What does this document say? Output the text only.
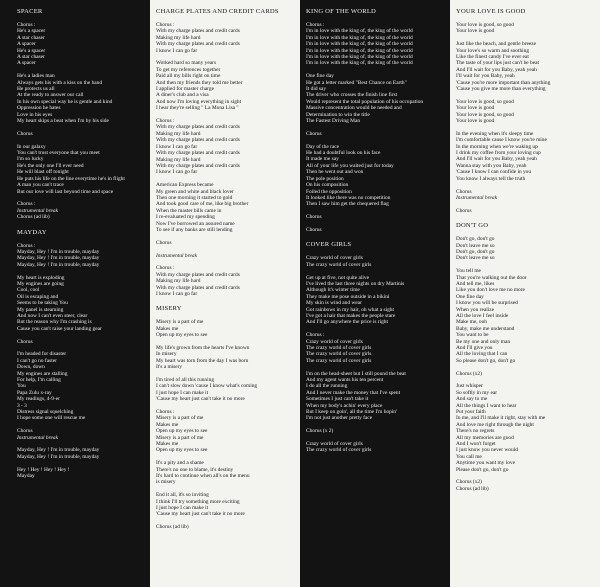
SPACER
Chorus :
He's a spacer
A star chaser
A spacer
He's a spacer
A star chaser
A spacer
He's a ladies man
Always gets his with a kiss on the hand
He protects us all
At the ready to answer our call
In his own special way he is gentle and kind
Oppression he hates
Love in his eyes
My heart skips a beat when I'm by his side
Chorus
In our galaxy
You can't trust everyone that you meet
I'm so lucky
He's the only one I'll ever need
He will blast off tonight
He puts his life on the line everytime he's in flight
A man you can't trace
But our love will last beyond time and space
Chorus :
Instrumental break
Chorus (ad lib)
MAYDAY
Chorus :
Mayday, Hey ! I'm in trouble, mayday
Mayday, Hey ! I'm in trouble, mayday
Mayday, Hey ! I'm in trouble, mayday
My heart is exploding
My engines are going
Cool, cool
Oil is escaping and
Seems to be taking You
My panel is steaming
And now I can't even steer, clear
But the reason why I'm crashing is
Cause you can't raise your landing gear
Chorus
I'm headed for disaster
I can't go no faster
Down, down
My engines are stalling
For help, I'm calling
You
Papa Zulu x-ray
My readings, 4-9-er
3 - 3
Distress signal squelching
I hope some one will rescue me
Chorus
Instrumental break
Mayday, Hey ! I'm in trouble, mayday
Mayday, Hey ! I'm in trouble, mayday
Hey ! Hey ! Hey ! Hey !
Mayday
CHARGE PLATES AND CREDIT CARDS
Chorus :
With my charge plates and credit cards
Making my life hard
With my charge plates and credit cards
I know I can go far
Worked hard so many years
To get my references together
Paid all my bills right on time
And then my friends they told me better
I applied for master charge
A diner's club and a visa
And now I'm loving everything in sight
I hear they're selling " La Mona Lisa "
Chorus :
With my charge plates and credit cards
Making my life hard
With my charge plates and credit cards
I know I can go far
With my charge plates and credit cards
Making my life hard
With my charge plates and credit cards
I know I can go far
American Express became
My green and white and black lover
Then one morning it started to gold
And took good care of me, like big brother
When the master bills came in
I re-evaluated my spending
Now I've borrowed an assured name
To see if any banks are still lending
Chorus
Instrumental break
Chorus :
With my charge plates and credit cards
Making my life hard
With my charge plates and credit cards
I know I can go far
MISERY
Misery is a part of me
Makes me
Open up my eyes to see
My life's grown from the hearts I've known
In misery
My heart was torn from the day I was born
It's a misery
I'm tired of all this running
I can't slow down 'cause I know what's coming
I just hope I can make it
'Cause my heart just can't take it no more
Chorus :
Misery is a part of me
Makes me
Open up my eyes to see
Misery is a part of me
Makes me
Open up my eyes to see
It's a pity and a shame
There's no one to blame, it's destiny
It's hard to continue when all's on the menu
is misery
End it all, it's so inviting
I think I'll try something more exciting
I just hope I can make it
'Cause my heart just can't take it no more
Chorus (ad lib)
KING OF THE WORLD
Chorus :
I'm in love with the king of, the king of the world
I'm in love with the king of, the king of the world
I'm in love with the king of, the king of the world
I'm in love with the king of, the king of the world
I'm in love with the king of, the king of the world
I'm in love with the king of, the king of the world
One fine day
He got a letter marked "Best Chance on Earth"
It did say
The driver who crosses the finish line first
Would represent the total population of his occupation
Massive concentration would be needed and
Determination to win the title
The Fastest Driving Man
Chorus
Day of the race
He had a doubtful look on his face
It made me say
All of your life you waited just for today
Then he went out and won
The pole position
On his composition
Foiled the opposition
It looked like there was no competition
Then I saw him get the chequered flag
Chorus
Chorus
COVER GIRLS
Crazy world of cover girls
The crazy world of cover girls
Get up at five, not quite alive
I've lived the last three nights on dry Martinis
Although it's winter time
They make me pose outside in a bikini
My skin is wind and wear
Got rainbows in my hair, oh what a sight
I've got a hair that makes the people stare
And I'll go anywhere the price is right
Chorus :
Crazy world of cover girls
The crazy world of cover girls
The crazy world of cover girls
The crazy world of cover girls
I'm on the head-sheet but I still pound the beat
And my agent wants his ten percent
I do all the running
And I never make the money that I've spent
Sometimes I just can't take it
When my body's achin' every place
But I keep on goin', all the time I'm hopin'
I'm not just another pretty face
Chorus (x 2)
Crazy world of cover girls
The crazy world of cover girls
YOUR LOVE IS GOOD
Your love is good, so good
Your love is good
Just like the beach, and gentle breeze
Your love's so warm and soothing
Like the finest candy I've ever eat
The taste of your lips just can't be beat
And I'll wait for you Baby, yeah yeah
I'll wait for you Baby, yeah
'Cause you're more important than anything
'Cause you give me more than everything
Your love is good, so good
Your love is good
Your love is good, so good
Your love is good
In the evening when it's sleepy time
I'm comfortable cause I know you're mine
In the morning when we're waking up
I drink my coffee from your loving cup
And I'll wait for you Baby, yeah yeah
Wanna stay with you Baby, yeah
'Cause I know I can confide in you
You know I always tell the truth
Chorus
Instrumental break
Chorus
DON'T GO
Don't go, don't go
Don't leave me so
Don't go, don't go
Don't leave me so
You tell me
That you're walking out the door
And tell me, likes
Like you don't love me no more
One fine day
I know you will be surprised
When you realize
All the love I feel inside
Make me, ooh
Baby, make me understand
You want to be
Be my one and only man
And I'll give you
All the loving that I can
So please don't go, don't go
Chorus (x2)
Just whisper
So softly in my ear
And say to me
All the things I want to hear
Put your faith
In me, and I'll make it right, stay with me
And love me right through the night
There's no regrets
All my memories are good
And I won't forget
I just know you never would
You call me
Anytime you want my love
Please don't go, don't go
Chorus (x2)
Chorus (ad lib)
